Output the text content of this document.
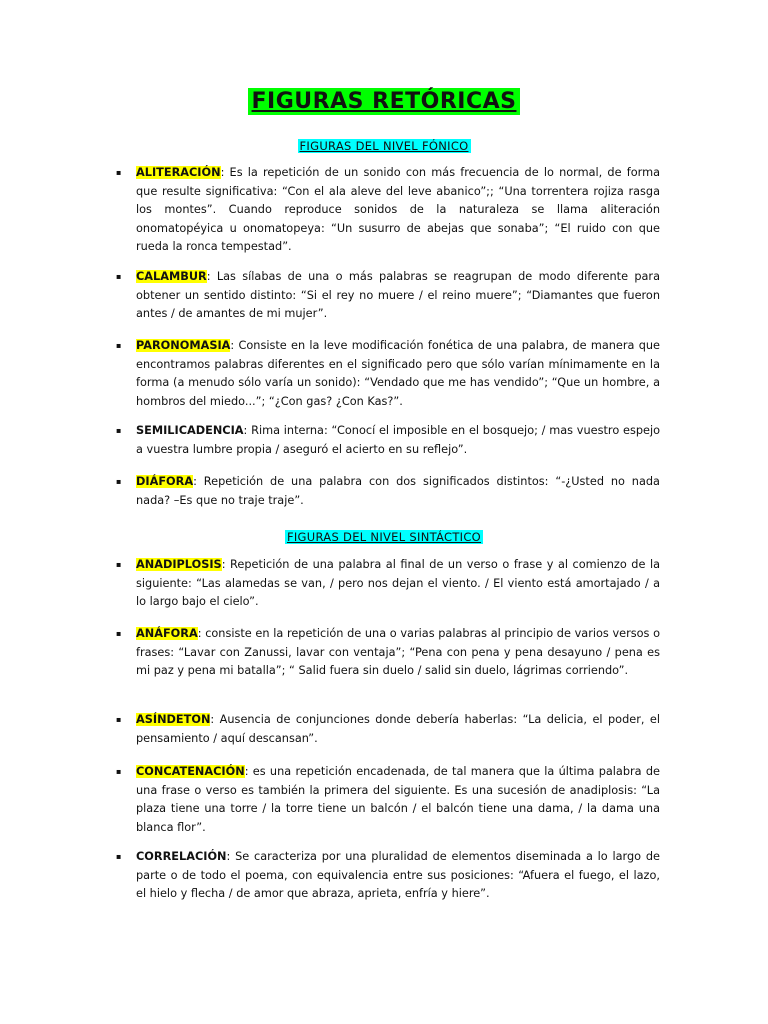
FIGURAS RETÓRICAS
FIGURAS DEL NIVEL FÓNICO
▪ ALITERACIÓN: Es la repetición de un sonido con más frecuencia de lo normal, de forma que resulte significativa: “Con el ala aleve del leve abanico”;; “Una torrentera rojiza rasga los montes”. Cuando reproduce sonidos de la naturaleza se llama aliteración onomatopéyica u onomatopeya: “Un susurro de abejas que sonaba”; “El ruido con que rueda la ronca tempestad”.
▪ CALAMBUR: Las sílabas de una o más palabras se reagrupan de modo diferente para obtener un sentido distinto: “Si el rey no muere / el reino muere”; “Diamantes que fueron antes / de amantes de mi mujer”.
▪ PARONOMASIA: Consiste en la leve modificación fonética de una palabra, de manera que encontramos palabras diferentes en el significado pero que sólo varían mínimamente en la forma (a menudo sólo varía un sonido): “Vendado que me has vendido”; “Que un hombre, a hombros del miedo...”; “¿Con gas? ¿Con Kas?”.
▪ SEMILICADENCIA: Rima interna: “Conocí el imposible en el bosquejo; / mas vuestro espejo a vuestra lumbre propia / aseguró el acierto en su reflejo”.
▪ DIÁFORA: Repetición de una palabra con dos significados distintos: “-¿Usted no nada nada? –Es que no traje traje”.
FIGURAS DEL NIVEL SINTÁCTICO
▪ ANADIPLOSIS: Repetición de una palabra al final de un verso o frase y al comienzo de la siguiente: “Las alamedas se van, / pero nos dejan el viento. / El viento está amortajado / a lo largo bajo el cielo”.
▪ ANÁFORA: consiste en la repetición de una o varias palabras al principio de varios versos o frases: “Lavar con Zanussi, lavar con ventaja”; “Pena con pena y pena desayuno / pena es mi paz y pena mi batalla”; “ Salid fuera sin duelo / salid sin duelo, lágrimas corriendo”.
▪ ASÍNDETON: Ausencia de conjunciones donde debería haberlas: “La delicia, el poder, el pensamiento / aquí descansan”.
▪ CONCATENACIÓN: es una repetición encadenada, de tal manera que la última palabra de una frase o verso es también la primera del siguiente. Es una sucesión de anadiplosis: “La plaza tiene una torre / la torre tiene un balcón / el balcón tiene una dama, / la dama una blanca flor”.
▪ CORRELACIÓN: Se caracteriza por una pluralidad de elementos diseminada a lo largo de parte o de todo el poema, con equivalencia entre sus posiciones: “Afuera el fuego, el lazo, el hielo y flecha / de amor que abraza, aprieta, enfría y hiere”.
